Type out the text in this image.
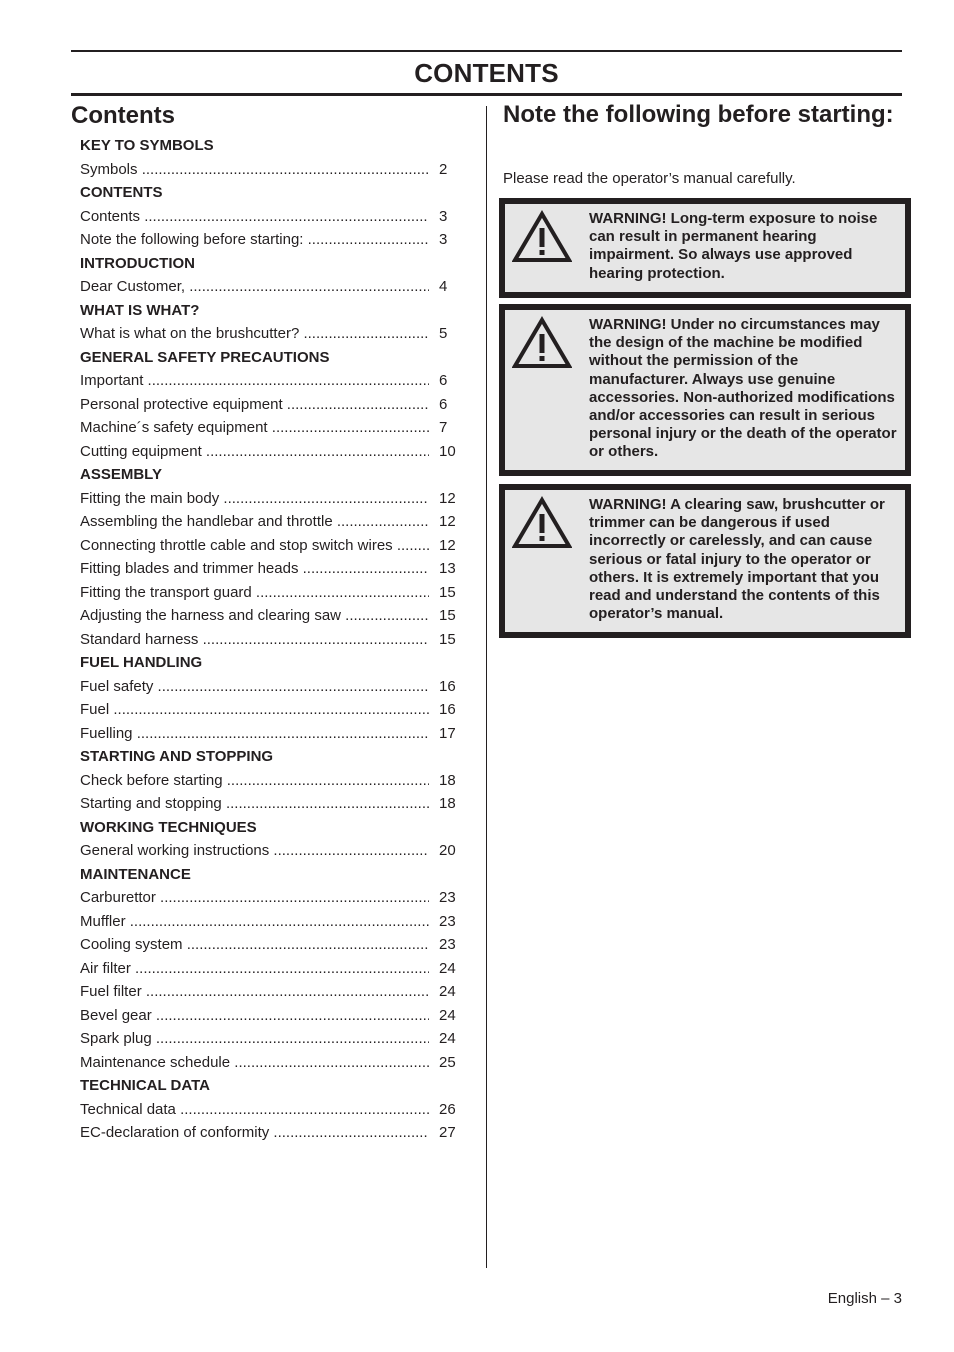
CONTENTS
Contents
KEY TO SYMBOLS
Symbols .....	2
CONTENTS
Contents .....	3
Note the following before starting: .....	3
INTRODUCTION
Dear Customer, .....	4
WHAT IS WHAT?
What is what on the brushcutter? .....	5
GENERAL SAFETY PRECAUTIONS
Important .....	6
Personal protective equipment .....	6
Machine´s safety equipment .....	7
Cutting equipment .....	10
ASSEMBLY
Fitting the main body .....	12
Assembling the handlebar and throttle .....	12
Connecting throttle cable and stop switch wires .....	12
Fitting blades and trimmer heads .....	13
Fitting the transport guard .....	15
Adjusting the harness and clearing saw .....	15
Standard harness .....	15
FUEL HANDLING
Fuel safety .....	16
Fuel .....	16
Fuelling .....	17
STARTING AND STOPPING
Check before starting .....	18
Starting and stopping .....	18
WORKING TECHNIQUES
General working instructions .....	20
MAINTENANCE
Carburettor .....	23
Muffler .....	23
Cooling system .....	23
Air filter .....	24
Fuel filter .....	24
Bevel gear .....	24
Spark plug .....	24
Maintenance schedule .....	25
TECHNICAL DATA
Technical data .....	26
EC-declaration of conformity .....	27
Note the following before starting:
Please read the operator’s manual carefully.
WARNING! Long-term exposure to noise can result in permanent hearing impairment. So always use approved hearing protection.
WARNING! Under no circumstances may the design of the machine be modified without the permission of the manufacturer. Always use genuine accessories. Non-authorized modifications and/or accessories can result in serious personal injury or the death of the operator or others.
WARNING! A clearing saw, brushcutter or trimmer can be dangerous if used incorrectly or carelessly, and can cause serious or fatal injury to the operator or others. It is extremely important that you read and understand the contents of this operator’s manual.
English – 3
